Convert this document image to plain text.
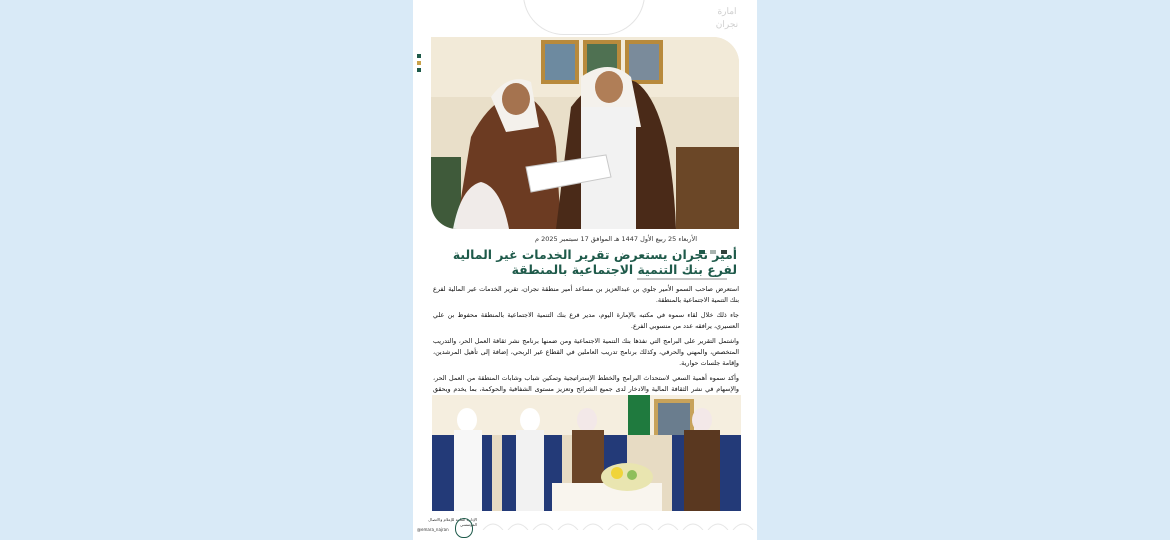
ﺍﻣﺎﺭﺓ
ﻧﺠﺮﺍﻥ
الأربعاء 25 ربيع الأول 1447 هـ الموافق 17 سبتمبر 2025 م
أمير نجران يستعرض تقرير الخدمات غير المالية لفرع بنك التنمية الاجتماعية بالمنطقة

استعرض صاحب السمو الأمير جلوي بن عبدالعزيز بن مساعد أمير منطقة نجران، تقرير الخدمات غير المالية لفرع بنك التنمية الاجتماعية بالمنطقة.

جاء ذلك خلال لقاء سموه في مكتبه بالإمارة اليوم، مدير فرع بنك التنمية الاجتماعية بالمنطقة محفوظ بن علي العسيري، يرافقه عدد من منسوبي الفرع.

واشتمل التقرير على البرامج التي نفذها بنك التنمية الاجتماعية ومن ضمنها برنامج نشر ثقافة العمل الحر، والتدريب المتخصص، والمهني والحرفي، وكذلك برنامج تدريب العاملين في القطاع غير الربحي، إضافة إلى تأهيل المرشدين، وإقامة جلسات حوارية.

وأكد سموه أهمية السعي لاستحداث البرامج والخطط الإستراتيجية وتمكين شباب وشابات المنطقة من العمل الحر، والإسهام في نشر الثقافة المالية والادخار لدى جميع الشرائح وتعزيز مستوى الشفافية والحوكمة، بما يخدم ويحقق

الإدارة العامة للإعلام والاتصال المؤسسي
@emara_najran
